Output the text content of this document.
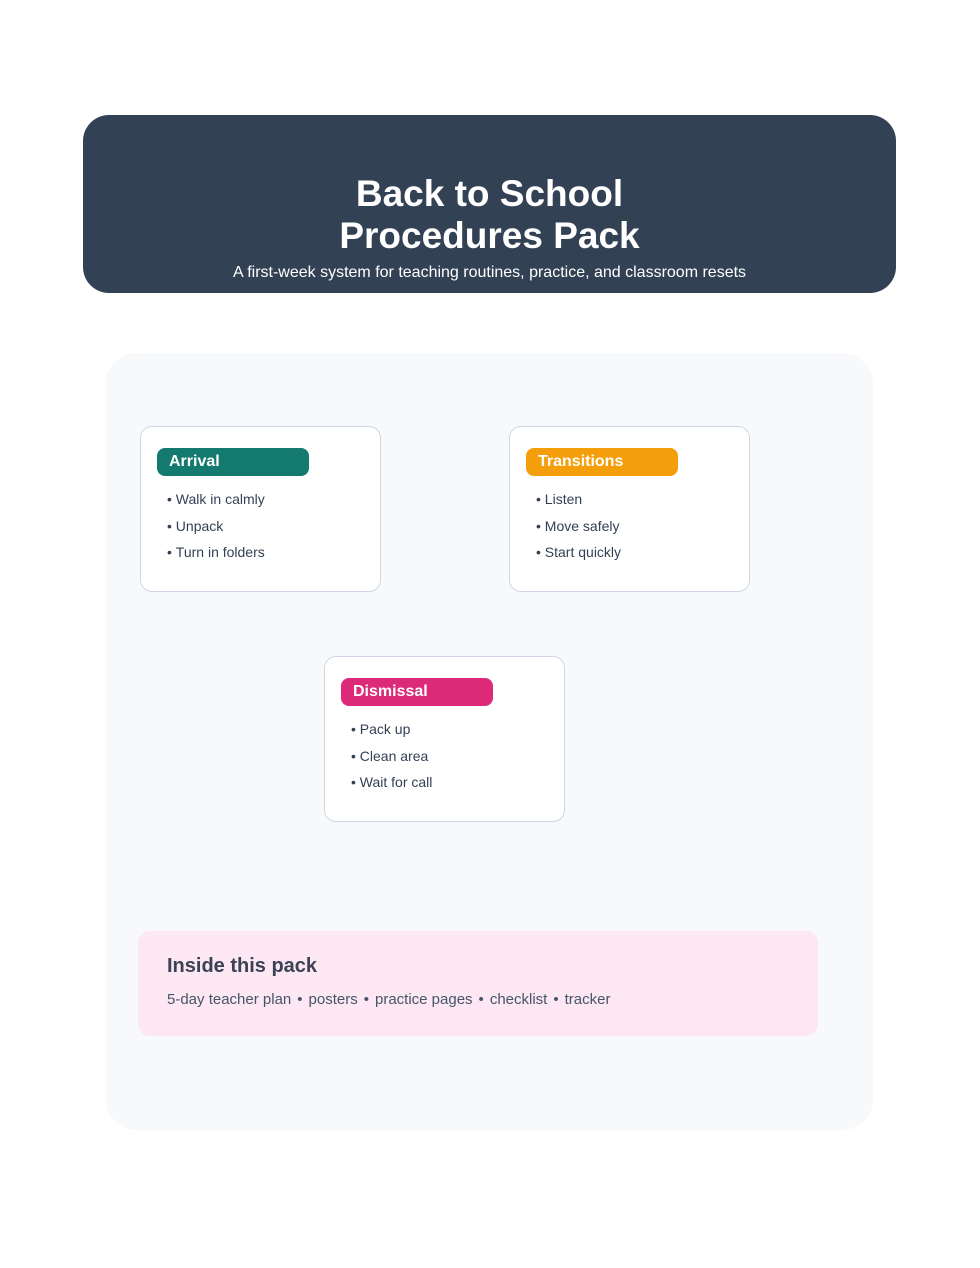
Back to School
Procedures Pack

A first-week system for teaching routines, practice, and classroom resets

Arrival
• Walk in calmly
• Unpack
• Turn in folders
Transitions
• Listen
• Move safely
• Start quickly
Dismissal
• Pack up
• Clean area
• Wait for call
Inside this pack
5-day teacher plan • posters • practice pages • checklist • tracker
